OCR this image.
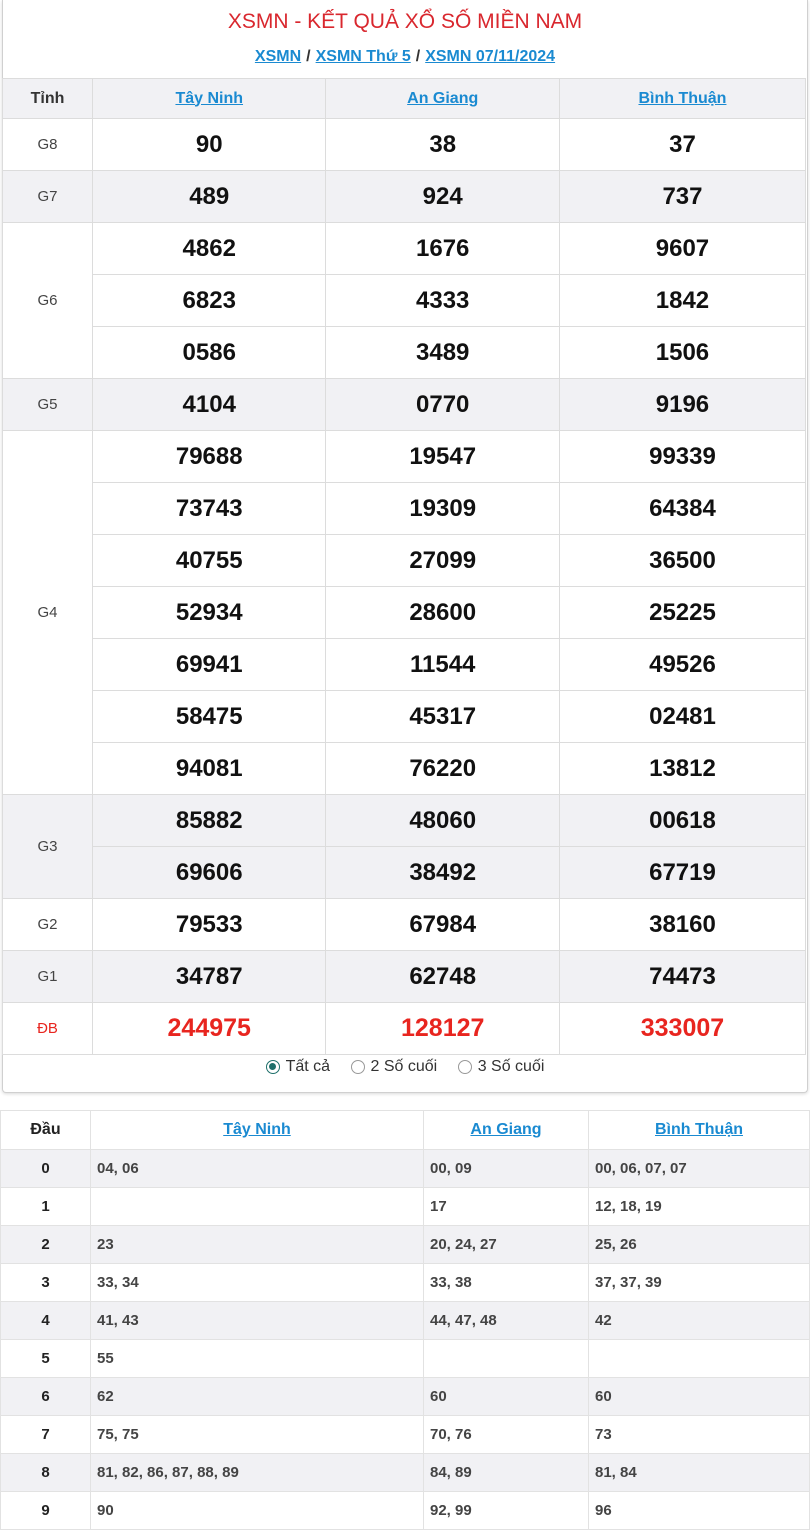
XSMN - KẾT QUẢ XỔ SỐ MIỀN NAM
XSMN / XSMN Thứ 5 / XSMN 07/11/2024
Tất cả	2 Số cuối	3 Số cuối
Tỉnh	Tây Ninh	An Giang	Bình Thuận
G8	90	38	37
G7	489	924	737
G6	4862	1676	9607
	6823	4333	1842
	0586	3489	1506
G5	4104	0770	9196
G4	79688	19547	99339
	73743	19309	64384
	40755	27099	36500
	52934	28600	25225
	69941	11544	49526
	58475	45317	02481
	94081	76220	13812
G3	85882	48060	00618
	69606	38492	67719
G2	79533	67984	38160
G1	34787	62748	74473
ĐB	244975	128127	333007
Đầu	Tây Ninh	An Giang	Bình Thuận
0	04, 06	00, 09	00, 06, 07, 07
1		17	12, 18, 19
2	23	20, 24, 27	25, 26
3	33, 34	33, 38	37, 37, 39
4	41, 43	44, 47, 48	42
5	55		
6	62	60	60
7	75, 75	70, 76	73
8	81, 82, 86, 87, 88, 89	84, 89	81, 84
9	90	92, 99	96
